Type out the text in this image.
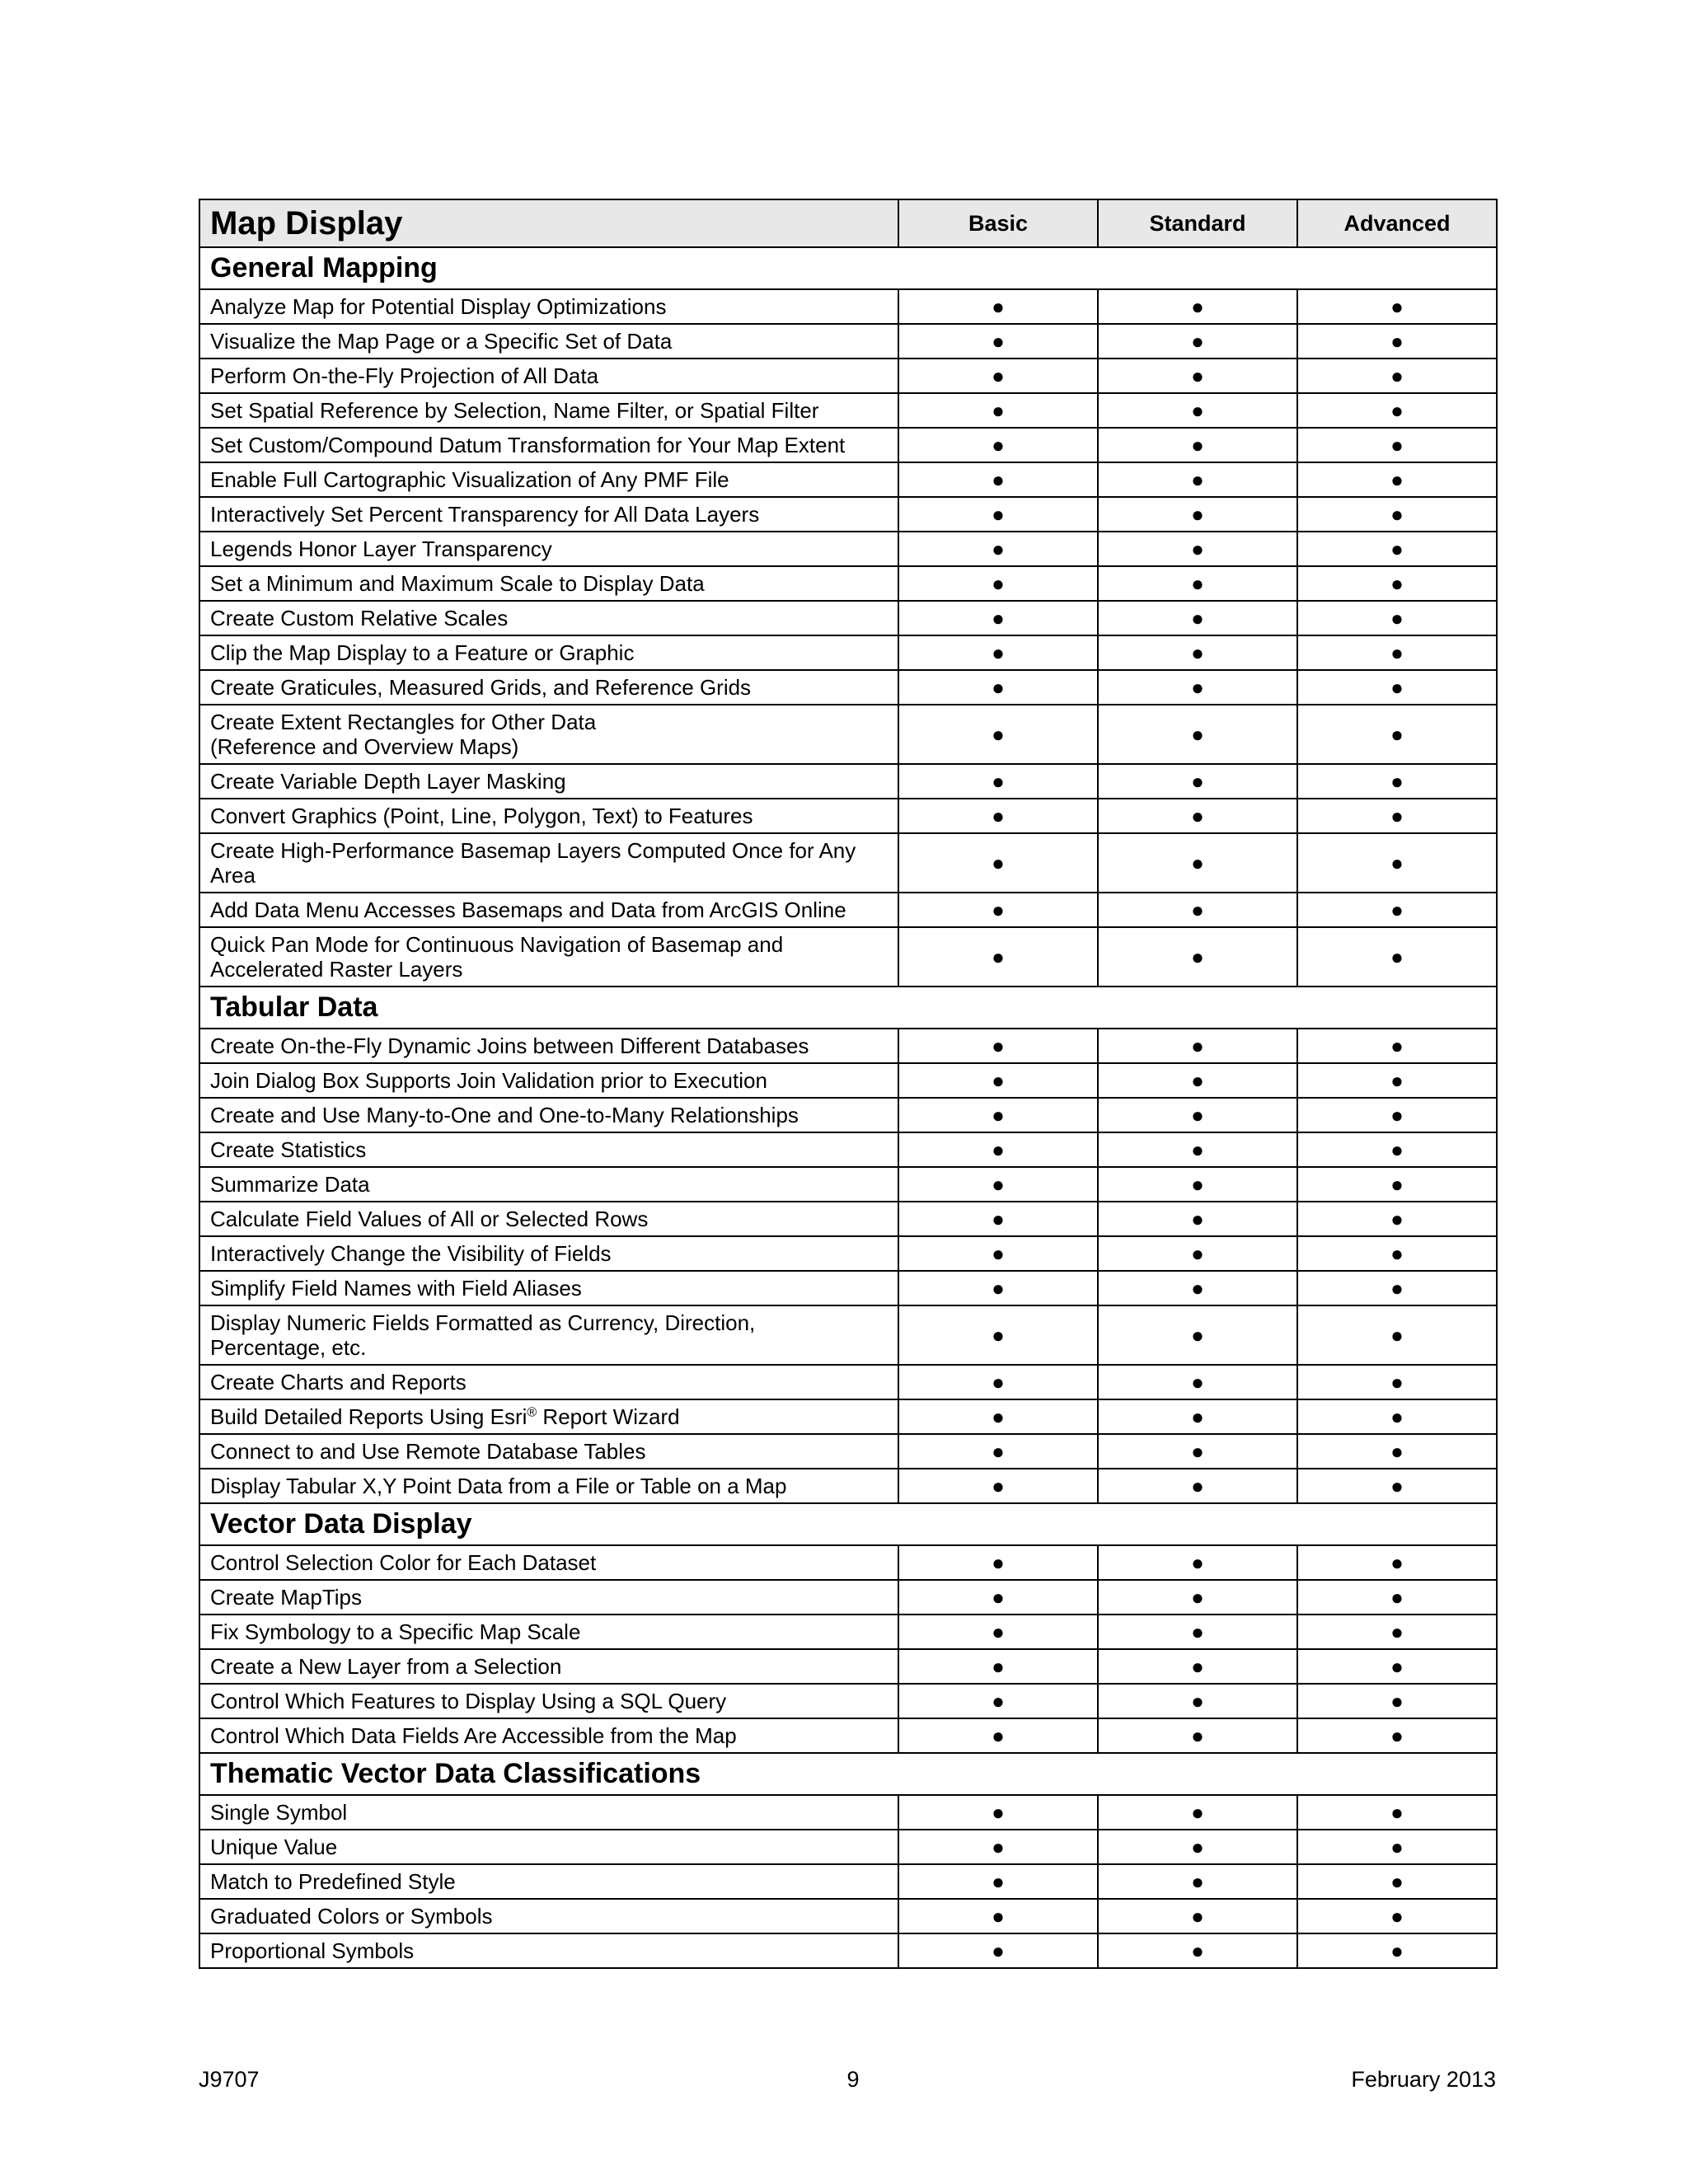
Map Display	Basic	Standard	Advanced
General Mapping			

Analyze Map for Potential Display Optimizations	●	●	●

Visualize the Map Page or a Specific Set of Data	●	●	●

Perform On-the-Fly Projection of All Data	●	●	●

Set Spatial Reference by Selection, Name Filter, or Spatial Filter	●	●	●

Set Custom/Compound Datum Transformation for Your Map Extent	●	●	●

Enable Full Cartographic Visualization of Any PMF File	●	●	●

Interactively Set Percent Transparency for All Data Layers	●	●	●

Legends Honor Layer Transparency	●	●	●

Set a Minimum and Maximum Scale to Display Data	●	●	●

Create Custom Relative Scales	●	●	●

Clip the Map Display to a Feature or Graphic	●	●	●

Create Graticules, Measured Grids, and Reference Grids	●	●	●

Create Extent Rectangles for Other Data
(Reference and Overview Maps)	●	●	●

Create Variable Depth Layer Masking	●	●	●

Convert Graphics (Point, Line, Polygon, Text) to Features	●	●	●

Create High-Performance Basemap Layers Computed Once for Any
Area	●	●	●

Add Data Menu Accesses Basemaps and Data from ArcGIS Online	●	●	●

Quick Pan Mode for Continuous Navigation of Basemap and
Accelerated Raster Layers	●	●	●
Tabular Data			

Create On-the-Fly Dynamic Joins between Different Databases	●	●	●

Join Dialog Box Supports Join Validation prior to Execution	●	●	●

Create and Use Many-to-One and One-to-Many Relationships	●	●	●

Create Statistics	●	●	●

Summarize Data	●	●	●

Calculate Field Values of All or Selected Rows	●	●	●

Interactively Change the Visibility of Fields	●	●	●

Simplify Field Names with Field Aliases	●	●	●

Display Numeric Fields Formatted as Currency, Direction,
Percentage, etc.	●	●	●

Create Charts and Reports	●	●	●

Build Detailed Reports Using Esri® Report Wizard	●	●	●

Connect to and Use Remote Database Tables	●	●	●

Display Tabular X,Y Point Data from a File or Table on a Map	●	●	●
Vector Data Display			

Control Selection Color for Each Dataset	●	●	●

Create MapTips	●	●	●

Fix Symbology to a Specific Map Scale	●	●	●

Create a New Layer from a Selection	●	●	●

Control Which Features to Display Using a SQL Query	●	●	●

Control Which Data Fields Are Accessible from the Map	●	●	●
Thematic Vector Data Classifications			

Single Symbol	●	●	●

Unique Value	●	●	●

Match to Predefined Style	●	●	●

Graduated Colors or Symbols	●	●	●

Proportional Symbols	●	●	●
J9707	9	February 2013
